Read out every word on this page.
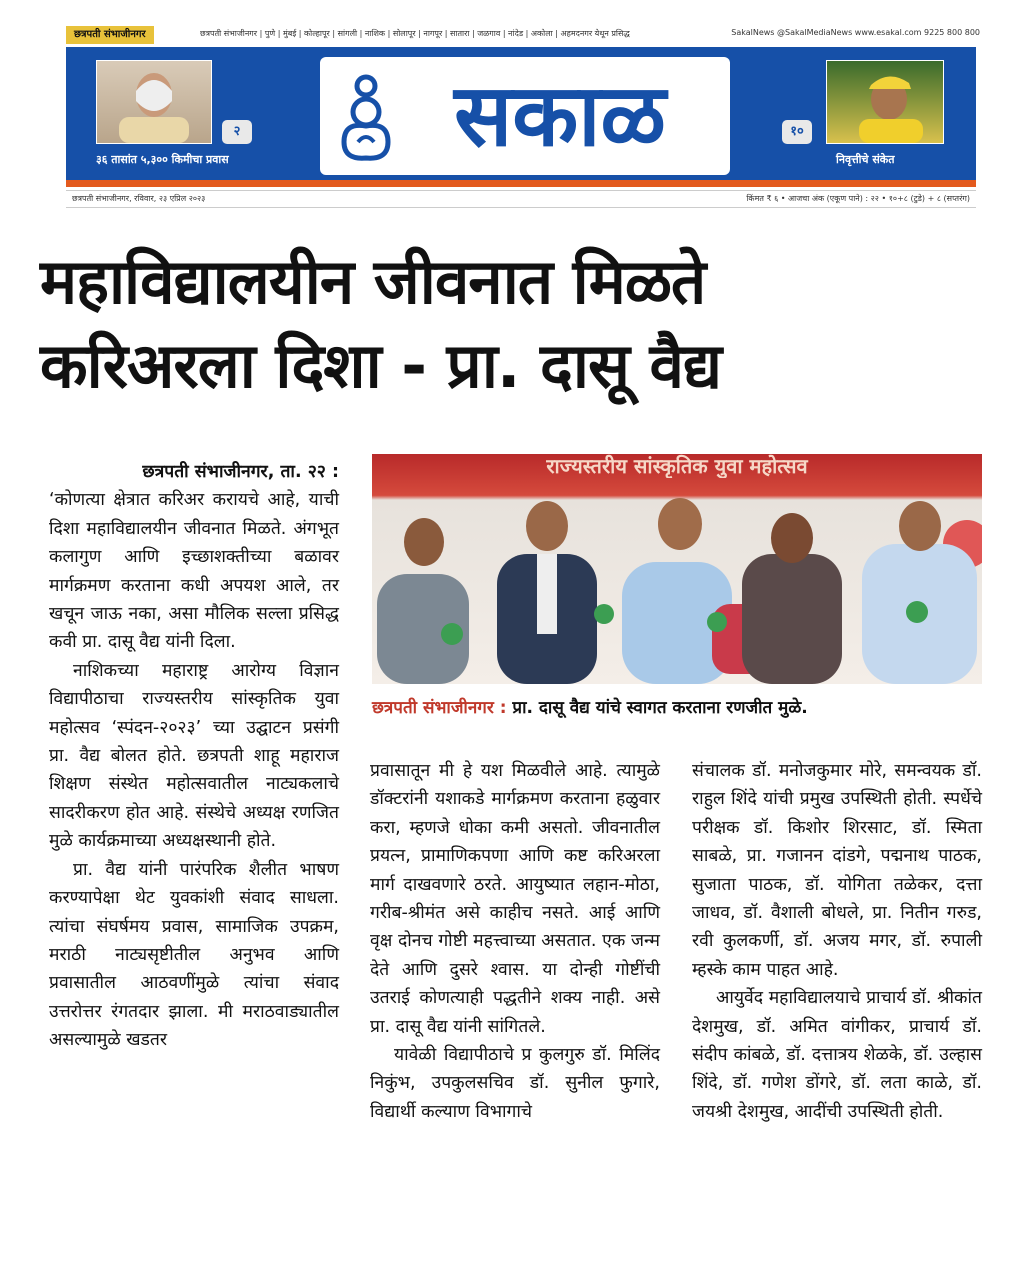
छत्रपती संभाजीनगर	छत्रपती संभाजीनगर | पुणे | मुंबई | कोल्हापूर | सांगली | नाशिक | सोलापूर | नागपूर | सातारा | जळगाव | नांदेड | अकोला | अहमदनगर येथून प्रसिद्ध	SakalNews @SakalMediaNews www.esakal.com 9225 800 800
२
३६ तासांत ५,३०० किमीचा प्रवास
१०
निवृत्तीचे संकेत
सकाळ
छत्रपती संभाजीनगर, रविवार, २३ एप्रिल २०२३	किंमत ₹ ६ • आजचा अंक (एकूण पाने) : २२ • १०+८ (टुडे) + ८ (सप्तरंग)
महाविद्यालयीन जीवनात मिळते
करिअरला दिशा - प्रा. दासू वैद्य

छत्रपती संभाजीनगर, ता. २२ :

‘कोणत्या क्षेत्रात करिअर करायचे आहे, याची दिशा महाविद्यालयीन जीवनात मिळते. अंगभूत कलागुण आणि इच्छाशक्तीच्या बळावर मार्गक्रमण करताना कधी अपयश आले, तर खचून जाऊ नका, असा मौलिक सल्ला प्रसिद्ध कवी प्रा. दासू वैद्य यांनी दिला.

नाशिकच्या महाराष्ट्र आरोग्य विज्ञान विद्यापीठाचा राज्यस्तरीय सांस्कृतिक युवा महोत्सव ‘स्पंदन-२०२३’ च्या उद्घाटन प्रसंगी प्रा. वैद्य बोलत होते. छत्रपती शाहू महाराज शिक्षण संस्थेत महोत्सवातील नाट्यकलाचे सादरीकरण होत आहे. संस्थेचे अध्यक्ष रणजित मुळे कार्यक्रमाच्या अध्यक्षस्थानी होते.

प्रा. वैद्य यांनी पारंपरिक शैलीत भाषण करण्यापेक्षा थेट युवकांशी संवाद साधला. त्यांचा संघर्षमय प्रवास, सामाजिक उपक्रम, मराठी नाट्यसृष्टीतील अनुभव आणि प्रवासातील आठवणींमुळे त्यांचा संवाद उत्तरोत्तर रंगतदार झाला. मी मराठवाड्यातील असल्यामुळे खडतर

राज्यस्तरीय सांस्कृतिक युवा महोत्सव
छत्रपती संभाजीनगर : प्रा. दासू वैद्य यांचे स्वागत करताना रणजीत मुळे.

प्रवासातून मी हे यश मिळवीले आहे. त्यामुळे डॉक्टरांनी यशाकडे मार्गक्रमण करताना हळुवार करा, म्हणजे धोका कमी असतो. जीवनातील प्रयत्न, प्रामाणिकपणा आणि कष्ट करिअरला मार्ग दाखवणारे ठरते. आयुष्यात लहान-मोठा, गरीब-श्रीमंत असे काहीच नसते. आई आणि वृक्ष दोनच गोष्टी महत्त्वाच्या असतात. एक जन्म देते आणि दुसरे श्वास. या दोन्ही गोष्टींची उतराई कोणत्याही पद्धतीने शक्य नाही. असे प्रा. दासू वैद्य यांनी सांगितले.

यावेळी विद्यापीठाचे प्र कुलगुरु डॉ. मिलिंद निकुंभ, उपकुलसचिव डॉ. सुनील फुगारे, विद्यार्थी कल्याण विभागाचे

संचालक डॉ. मनोजकुमार मोरे, समन्वयक डॉ. राहुल शिंदे यांची प्रमुख उपस्थिती होती. स्पर्धेचे परीक्षक डॉ. किशोर शिरसाट, डॉ. स्मिता साबळे, प्रा. गजानन दांडगे, पद्मनाथ पाठक, सुजाता पाठक, डॉ. योगिता तळेकर, दत्ता जाधव, डॉ. वैशाली बोधले, प्रा. नितीन गरुड, रवी कुलकर्णी, डॉ. अजय मगर, डॉ. रुपाली म्हस्के काम पाहत आहे.

आयुर्वेद महाविद्यालयाचे प्राचार्य डॉ. श्रीकांत देशमुख, डॉ. अमित वांगीकर, प्राचार्य डॉ. संदीप कांबळे, डॉ. दत्तात्रय शेळके, डॉ. उल्हास शिंदे, डॉ. गणेश डोंगरे, डॉ. लता काळे, डॉ. जयश्री देशमुख, आदींची उपस्थिती होती.
